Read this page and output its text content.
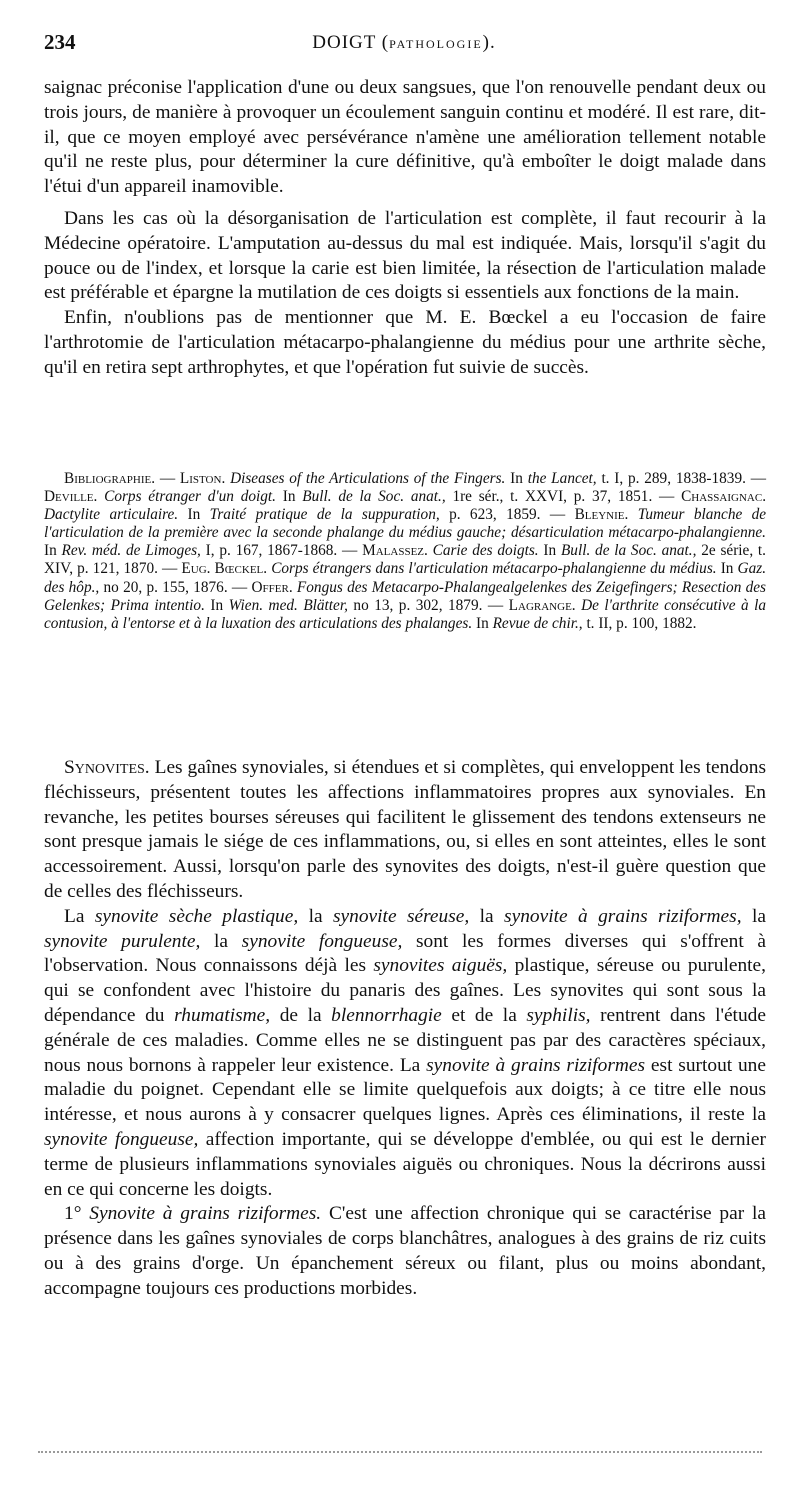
234	DOIGT (PATHOLOGIE).

saignac préconise l'application d'une ou deux sangsues, que l'on renouvelle pendant deux ou trois jours, de manière à provoquer un écoulement sanguin continu et modéré. Il est rare, dit-il, que ce moyen employé avec persévérance n'amène une amélioration tellement notable qu'il ne reste plus, pour déterminer la cure définitive, qu'à emboîter le doigt malade dans l'étui d'un appareil inamovible.

Dans les cas où la désorganisation de l'articulation est complète, il faut recourir à la Médecine opératoire. L'amputation au-dessus du mal est indiquée. Mais, lorsqu'il s'agit du pouce ou de l'index, et lorsque la carie est bien limitée, la résection de l'articulation malade est préférable et épargne la mutilation de ces doigts si essentiels aux fonctions de la main.

Enfin, n'oublions pas de mentionner que M. E. Bœckel a eu l'occasion de faire l'arthrotomie de l'articulation métacarpo-phalangienne du médius pour une arthrite sèche, qu'il en retira sept arthrophytes, et que l'opération fut suivie de succès.

Bibliographie. — Liston. Diseases of the Articulations of the Fingers. In the Lancet, t. I, p. 289, 1838-1839. — Deville. Corps étranger d'un doigt. In Bull. de la Soc. anat., 1re sér., t. XXVI, p. 37, 1851. — Chassaignac. Dactylite articulaire. In Traité pratique de la suppuration, p. 623, 1859. — Bleynie. Tumeur blanche de l'articulation de la première avec la seconde phalange du médius gauche; désarticulation métacarpo-phalangienne. In Rev. méd. de Limoges, I, p. 167, 1867-1868. — Malassez. Carie des doigts. In Bull. de la Soc. anat., 2e série, t. XIV, p. 121, 1870. — Eug. Bœckel. Corps étrangers dans l'articulation métacarpo-phalangienne du médius. In Gaz. des hôp., no 20, p. 155, 1876. — Offer. Fongus des Metacarpo-Phalangealgelenkes des Zeigefingers; Resection des Gelenkes; Prima intentio. In Wien. med. Blätter, no 13, p. 302, 1879. — Lagrange. De l'arthrite consécutive à la contusion, à l'entorse et à la luxation des articulations des phalanges. In Revue de chir., t. II, p. 100, 1882.

Synovites. Les gaînes synoviales, si étendues et si complètes, qui enveloppent les tendons fléchisseurs, présentent toutes les affections inflammatoires propres aux synoviales. En revanche, les petites bourses séreuses qui facilitent le glissement des tendons extenseurs ne sont presque jamais le siége de ces inflammations, ou, si elles en sont atteintes, elles le sont accessoirement. Aussi, lorsqu'on parle des synovites des doigts, n'est-il guère question que de celles des fléchisseurs.

La synovite sèche plastique, la synovite séreuse, la synovite à grains riziformes, la synovite purulente, la synovite fongueuse, sont les formes diverses qui s'offrent à l'observation. Nous connaissons déjà les synovites aiguës, plastique, séreuse ou purulente, qui se confondent avec l'histoire du panaris des gaînes. Les synovites qui sont sous la dépendance du rhumatisme, de la blennorrhagie et de la syphilis, rentrent dans l'étude générale de ces maladies. Comme elles ne se distinguent pas par des caractères spéciaux, nous nous bornons à rappeler leur existence. La synovite à grains riziformes est surtout une maladie du poignet. Cependant elle se limite quelquefois aux doigts; à ce titre elle nous intéresse, et nous aurons à y consacrer quelques lignes. Après ces éliminations, il reste la synovite fongueuse, affection importante, qui se développe d'emblée, ou qui est le dernier terme de plusieurs inflammations synoviales aiguës ou chroniques. Nous la décrirons aussi en ce qui concerne les doigts.

1° Synovite à grains riziformes. C'est une affection chronique qui se caractérise par la présence dans les gaînes synoviales de corps blanchâtres, analogues à des grains de riz cuits ou à des grains d'orge. Un épanchement séreux ou filant, plus ou moins abondant, accompagne toujours ces productions morbides.
